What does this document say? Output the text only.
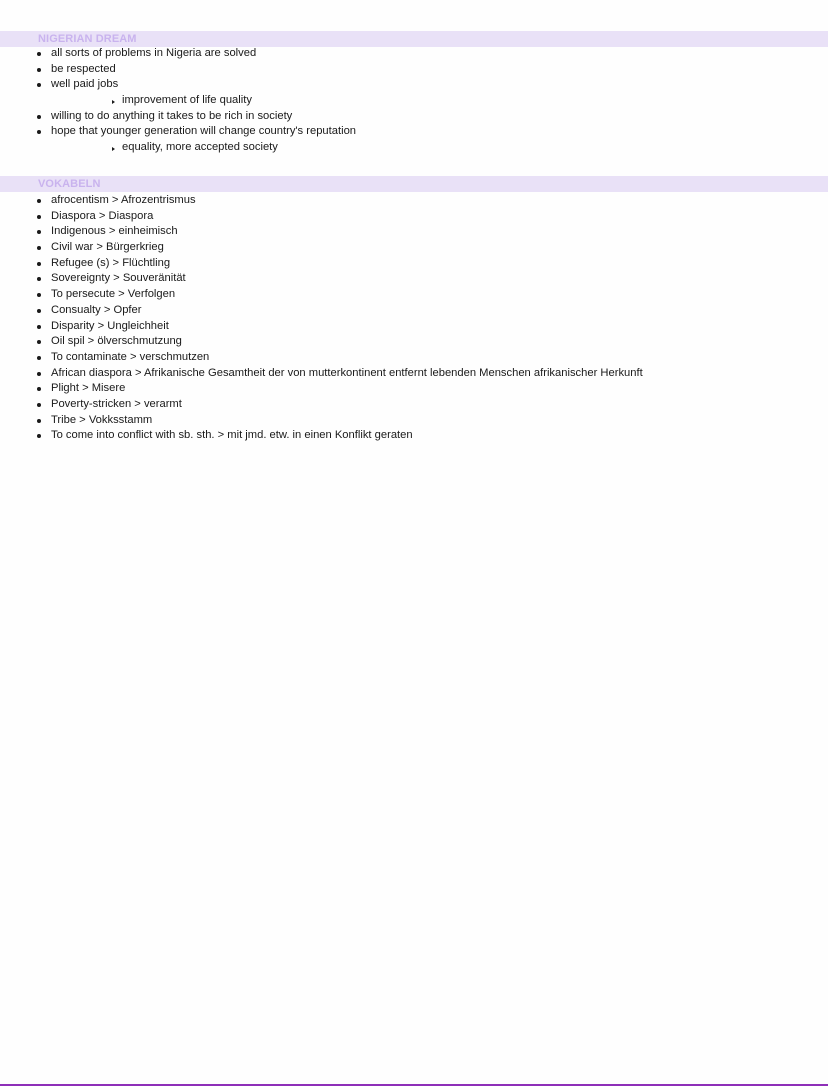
NIGERIAN DREAM
all sorts of problems in Nigeria are solved
be respected
well paid jobs
improvement of life quality
willing to do anything it takes to be rich in society
hope that younger generation will change country's reputation
equality, more accepted society
VOKABELN
afrocentism > Afrozentrismus
Diaspora > Diaspora
Indigenous > einheimisch
Civil war > Bürgerkrieg
Refugee (s) > Flüchtling
Sovereignty > Souveränität
To persecute > Verfolgen
Consualty > Opfer
Disparity > Ungleichheit
Oil spil > ölverschmutzung
To contaminate > verschmutzen
African diaspora > Afrikanische Gesamtheit der von mutterkontinent entfernt lebenden Menschen afrikanischer Herkunft
Plight > Misere
Poverty-stricken > verarmt
Tribe > Vokksstamm
To come into conflict with sb. sth. > mit jmd. etw. in einen Konflikt geraten
